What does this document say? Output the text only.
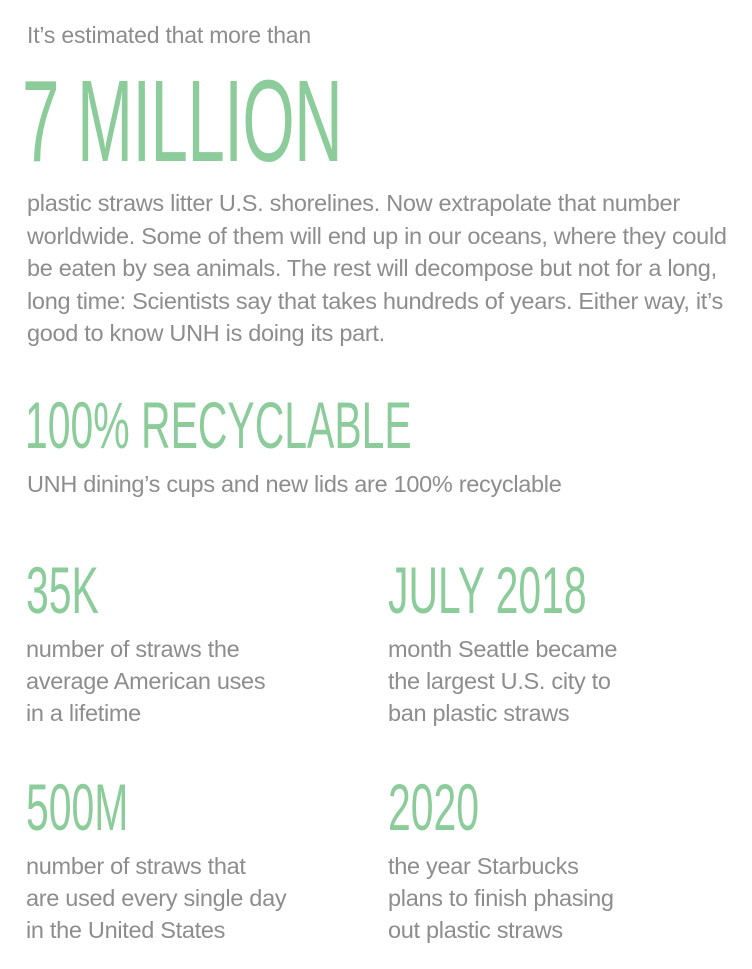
It’s estimated that more than
7 MILLION
plastic straws litter U.S. shorelines. Now extrapolate that number worldwide. Some of them will end up in our oceans, where they could be eaten by sea animals. The rest will decompose but not for a long, long time: Scientists say that takes hundreds of years. Either way, it’s good to know UNH is doing its part.
100% RECYCLABLE
UNH dining’s cups and new lids are 100% recyclable
35K
number of straws the
average American uses
in a lifetime
JULY 2018
month Seattle became
the largest U.S. city to
ban plastic straws
500M
number of straws that
are used every single day
in the United States
2020
the year Starbucks
plans to finish phasing
out plastic straws
